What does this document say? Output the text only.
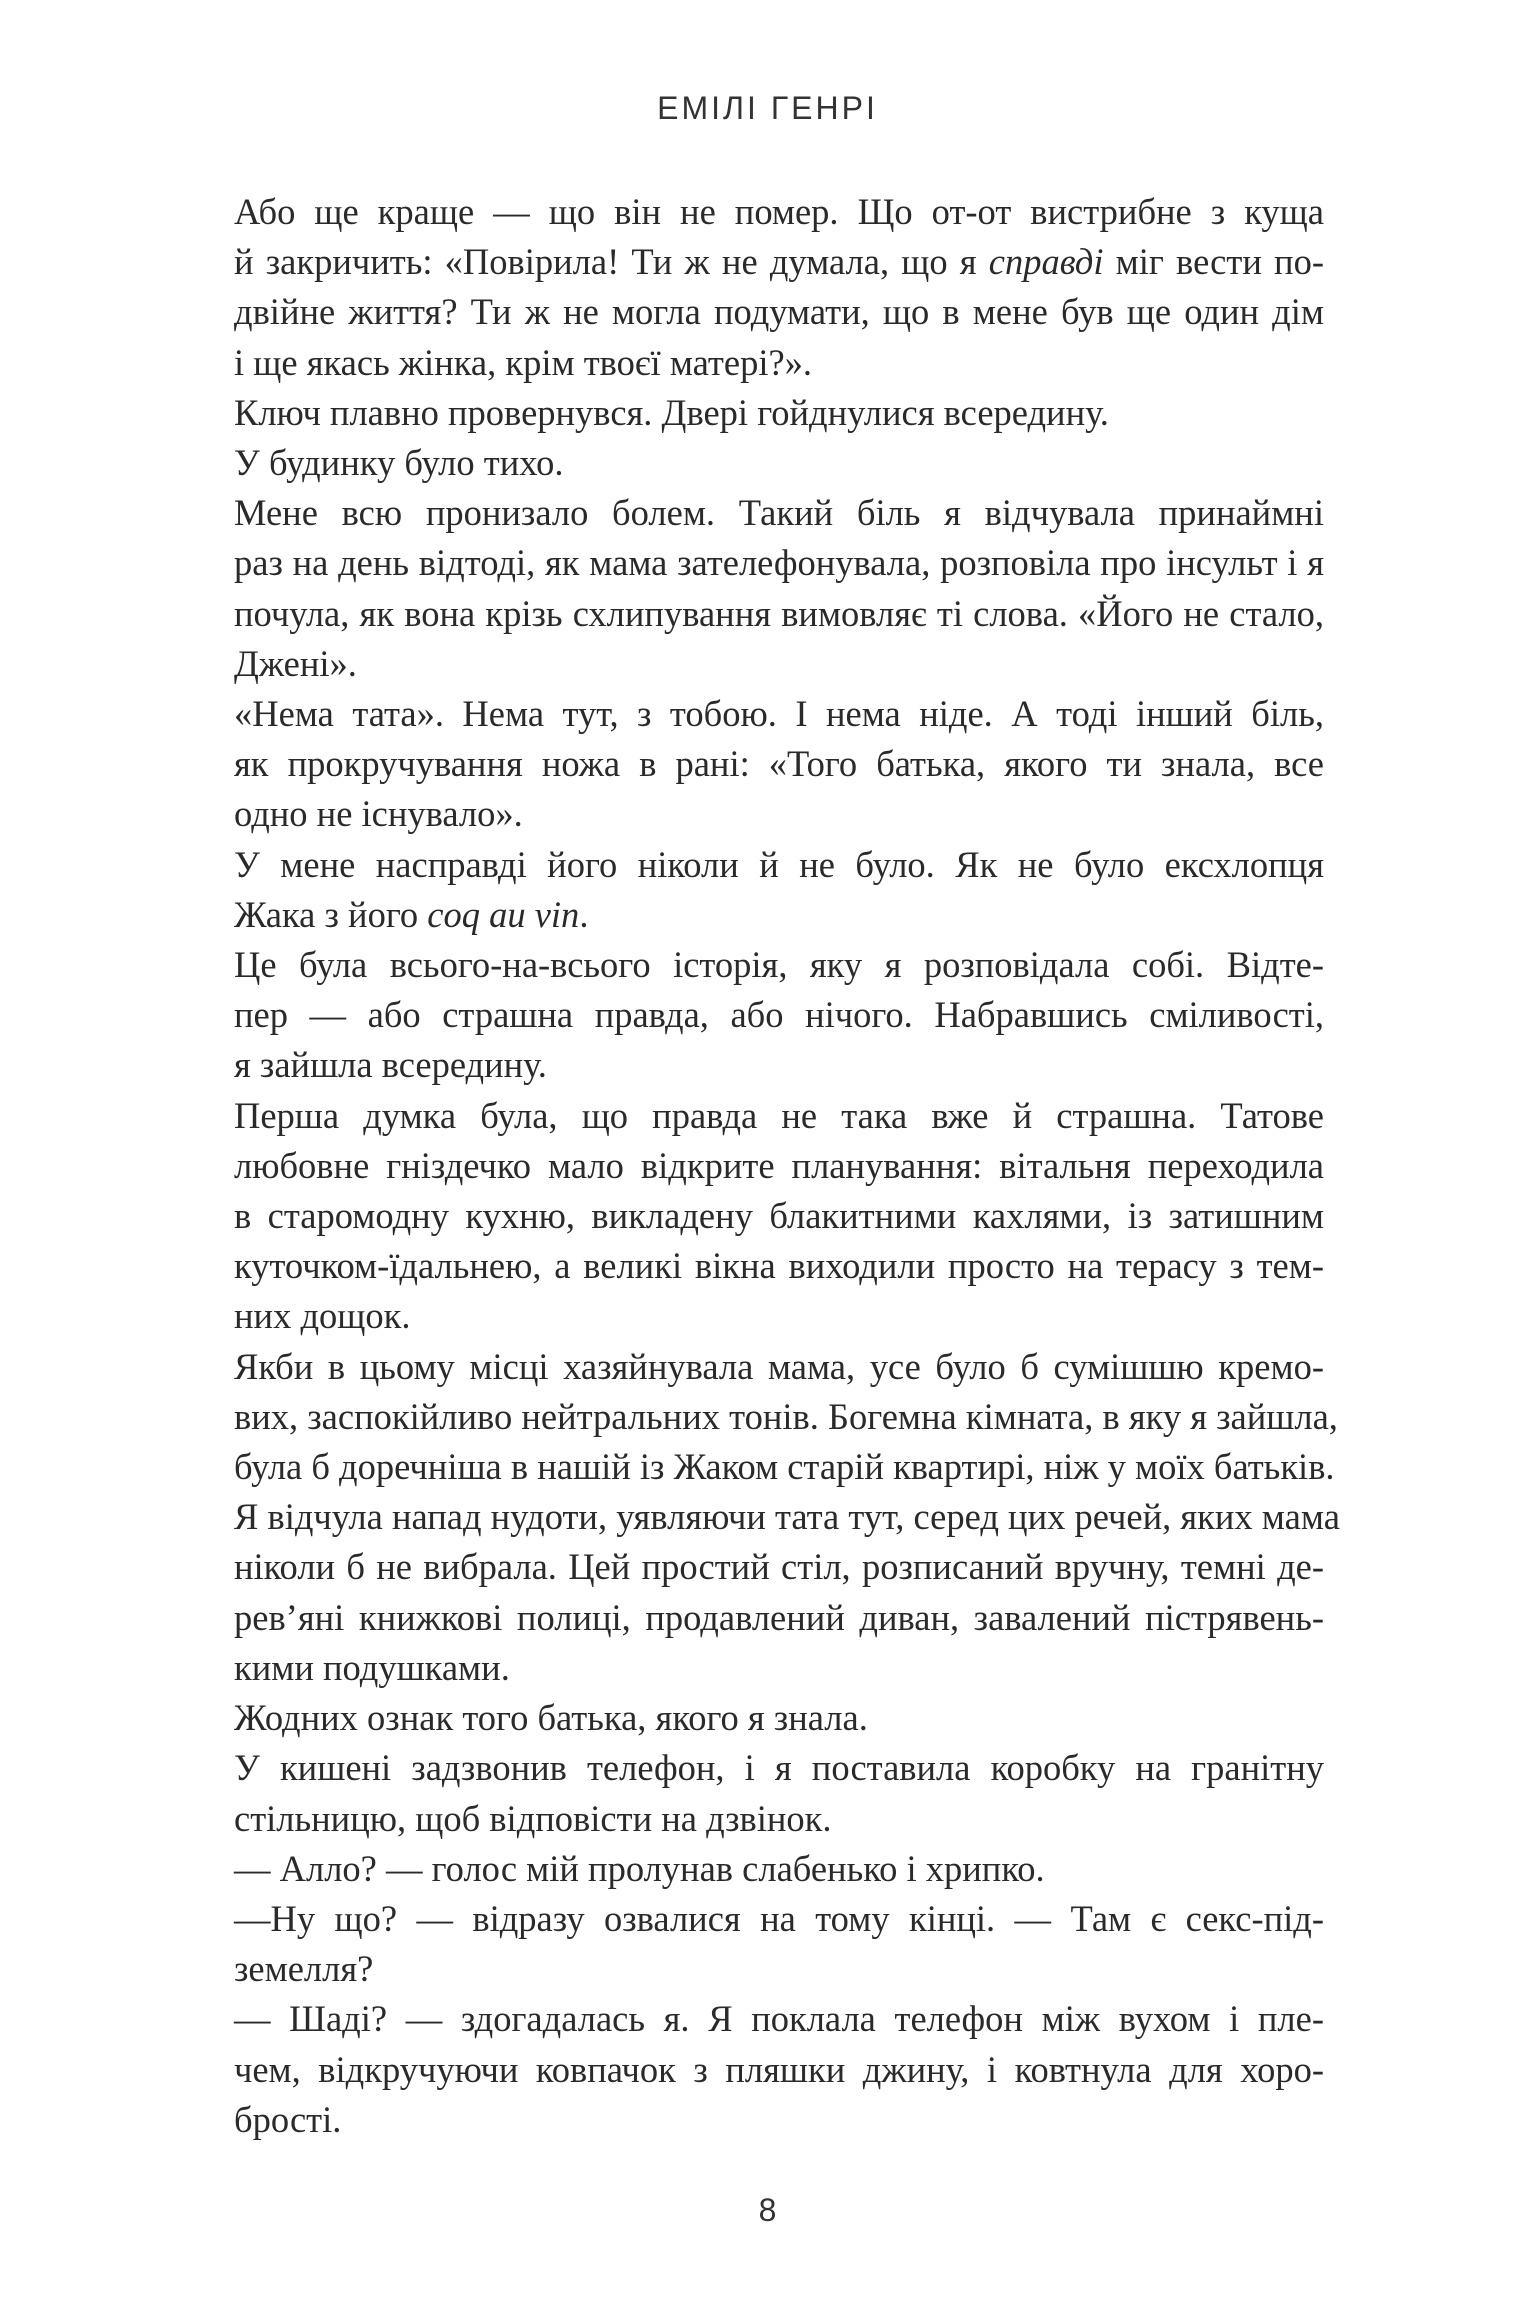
ЕМІЛІ ГЕНРІ

Або ще краще — що він не помер. Що от-от вистрибне з куща
й закричить: «Повірила! Ти ж не думала, що я справді міг вести по-
двійне життя? Ти ж не могла подумати, що в мене був ще один дім
і ще якась жінка, крім твоєї матері?».

Ключ плавно провернувся. Двері гойднулися всередину.

У будинку було тихо.

Мене всю пронизало болем. Такий біль я відчувала принаймні
раз на день відтоді, як мама зателефонувала, розповіла про інсульт і я
почула, як вона крізь схлипування вимовляє ті слова. «Його не стало,
Джені».

«Нема тата». Нема тут, з тобою. І нема ніде. А тоді інший біль,
як прокручування ножа в рані: «Того батька, якого ти знала, все
одно не існувало».

У мене насправді його ніколи й не було. Як не було ексхлопця
Жака з його coq au vin.

Це була всього-на-всього історія, яку я розповідала собі. Відте-
пер — або страшна правда, або нічого. Набравшись сміливості,
я зайшла всередину.

Перша думка була, що правда не така вже й страшна. Татове
любовне гніздечко мало відкрите планування: вітальня переходила
в старомодну кухню, викладену блакитними кахлями, із затишним
куточком-їдальнею, а великі вікна виходили просто на терасу з тем-
них дощок.

Якби в цьому місці хазяйнувала мама, усе було б сумішшю кремо-
вих, заспокійливо нейтральних тонів. Богемна кімната, в яку я зайшла,
була б доречніша в нашій із Жаком старій квартирі, ніж у моїх батьків.
Я відчула напад нудоти, уявляючи тата тут, серед цих речей, яких мама
ніколи б не вибрала. Цей простий стіл, розписаний вручну, темні де-
рев’яні книжкові полиці, продавлений диван, завалений пістрявень-
кими подушками.

Жодних ознак того батька, якого я знала.

У кишені задзвонив телефон, і я поставила коробку на гранітну
стільницю, щоб відповісти на дзвінок.

— Алло? — голос мій пролунав слабенько і хрипко.

—Ну що? — відразу озвалися на тому кінці. — Там є секс-під-
земелля?

— Шаді? — здогадалась я. Я поклала телефон між вухом і пле-
чем, відкручуючи ковпачок з пляшки джину, і ковтнула для хоро-
брості.

8
